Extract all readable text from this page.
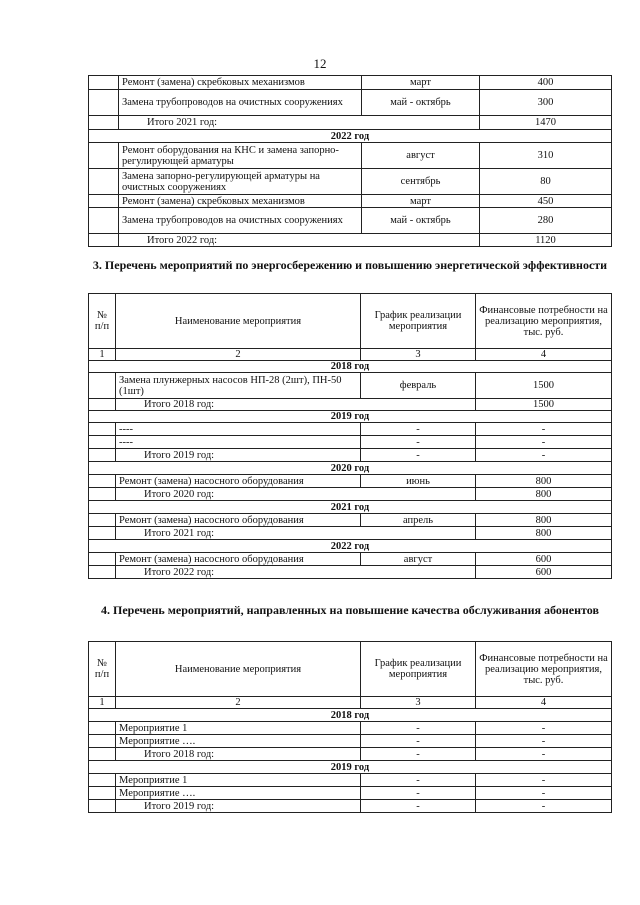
12
	Ремонт (замена) скребковых механизмов	март	400
	Замена трубопроводов на очистных сооружениях	май - октябрь	300
	Итого 2021 год:		1470
2022 год			
	Ремонт оборудования на КНС и замена запорно-регулирующей арматуры	август	310
	Замена запорно-регулирующей арматуры на очистных сооружениях	сентябрь	80
	Ремонт (замена) скребковых механизмов	март	450
	Замена трубопроводов на очистных сооружениях	май - октябрь	280
	Итого 2022 год:		1120
3. Перечень мероприятий по энергосбережению и повышению энергетической эффективности
№ п/п	Наименование мероприятия	График реализации мероприятия	Финансовые потребности на реализацию мероприятия, тыс. руб.
1	2	3	4
2018 год			
	Замена плунжерных насосов НП-28 (2шт), ПН-50 (1шт)	февраль	1500
	Итого 2018 год:		1500
2019 год			
	----	-	-
	----	-	-
	Итого 2019 год:	-	-
2020 год			
	Ремонт (замена) насосного оборудования	июнь	800
	Итого 2020 год:		800
2021 год			
	Ремонт (замена) насосного оборудования	апрель	800
	Итого 2021 год:		800
2022 год			
	Ремонт (замена) насосного оборудования	август	600
	Итого 2022 год:		600
4. Перечень мероприятий, направленных на повышение качества обслуживания абонентов
№ п/п	Наименование мероприятия	График реализации мероприятия	Финансовые потребности на реализацию мероприятия, тыс. руб.
1	2	3	4
2018 год			
	Мероприятие 1	-	-
	Мероприятие ….	-	-
	Итого 2018 год:	-	-
2019 год			
	Мероприятие 1	-	-
	Мероприятие ….	-	-
	Итого 2019 год:	-	-
